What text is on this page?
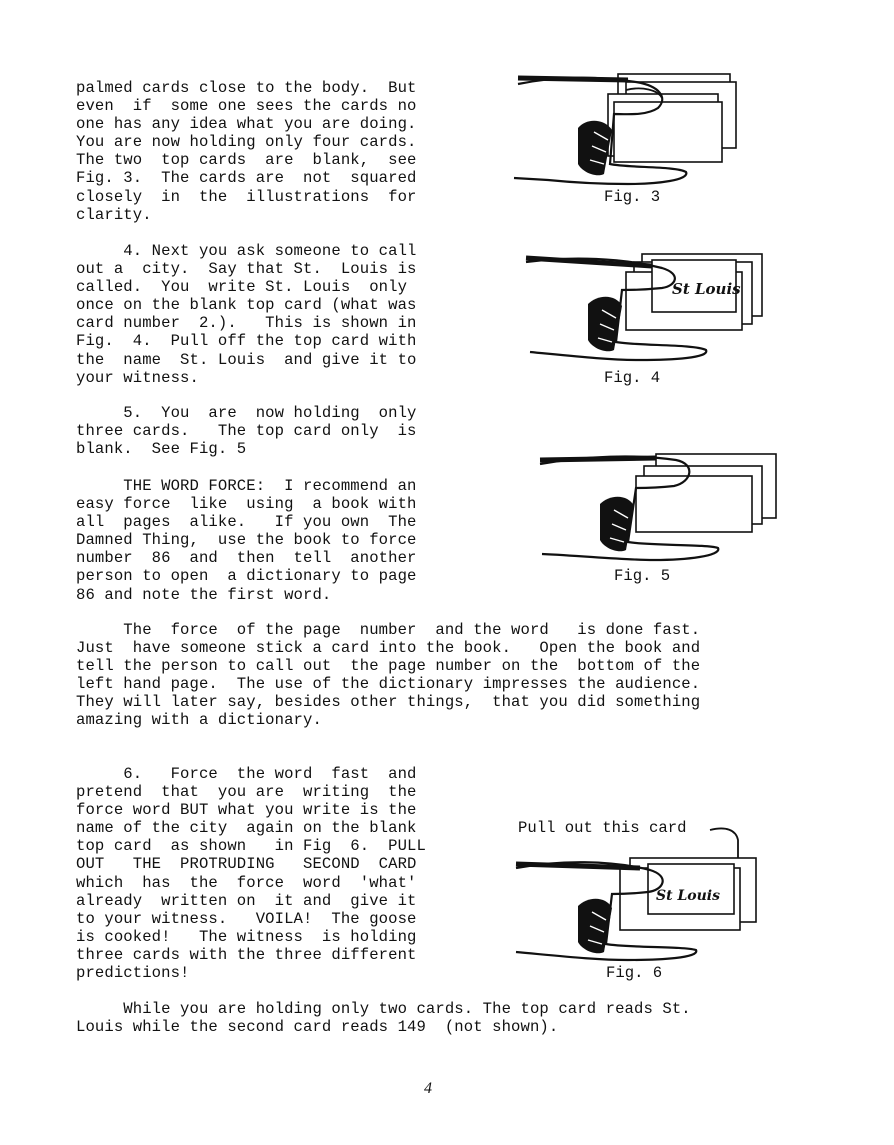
palmed cards close to the body.  But
even  if  some one sees the cards no
one has any idea what you are doing.
You are now holding only four cards.
The two  top cards  are  blank,  see
Fig. 3.  The cards are  not  squared
closely  in  the  illustrations  for
clarity.
4. Next you ask someone to call
out a  city.  Say that St.  Louis is
called.  You  write St. Louis  only
once on the blank top card (what was
card number  2.).   This is shown in
Fig.  4.  Pull off the top card with
the  name  St. Louis  and give it to
your witness.
5.  You  are  now holding  only
three cards.   The top card only  is
blank.  See Fig. 5
THE WORD FORCE:  I recommend an
easy force  like  using  a book with
all  pages  alike.   If you own  The
Damned Thing,  use the book to force
number  86  and  then  tell  another
person to open  a dictionary to page
86 and note the first word.
The  force  of the page  number  and the word   is done fast.
Just  have someone stick a card into the book.   Open the book and
tell the person to call out  the page number on the  bottom of the
left hand page.  The use of the dictionary impresses the audience.
They will later say, besides other things,  that you did something
amazing with a dictionary.
6.   Force  the word  fast  and
pretend  that  you are  writing  the
force word BUT what you write is the
name of the city  again on the blank
top card  as shown   in Fig  6.  PULL
OUT   THE  PROTRUDING   SECOND  CARD
which  has  the  force  word  'what'
already  written on  it and  give it
to your witness.   VOILA!  The goose
is cooked!   The witness  is holding
three cards with the three different
predictions!
While you are holding only two cards. The top card reads St.
Louis while the second card reads 149  (not shown).
Fig. 3
St Louis
Fig. 4
Fig. 5
Pull out this card
St Louis
Fig. 6
4
